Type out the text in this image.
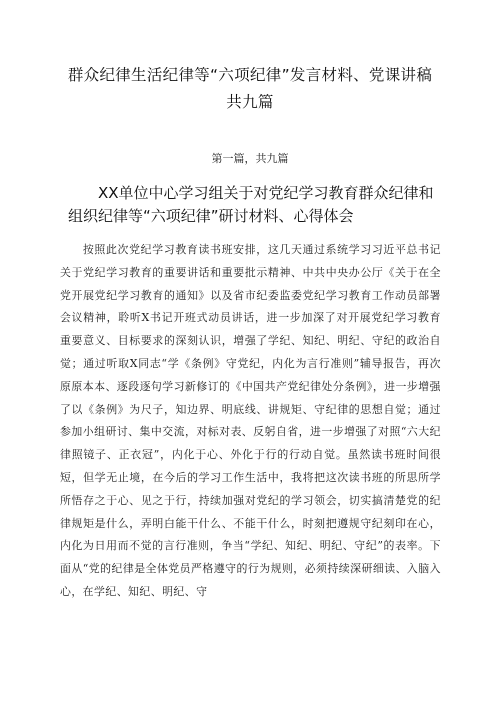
群众纪律生活纪律等“六项纪律”发言材料、党课讲稿共九篇
第一篇，共九篇
XX单位中心学习组关于对党纪学习教育群众纪律和
组织纪律等“六项纪律”研讨材料、心得体会

按照此次党纪学习教育读书班安排，这几天通过系统学习习近平总书记关于党纪学习教育的重要讲话和重要批示精神、中共中央办公厅《关于在全党开展党纪学习教育的通知》以及省市纪委监委党纪学习教育工作动员部署会议精神，聆听X书记开班式动员讲话，进一步加深了对开展党纪学习教育重要意义、目标要求的深刻认识，增强了学纪、知纪、明纪、守纪的政治自觉；通过听取X同志“学《条例》守党纪，内化为言行准则”辅导报告，再次原原本本、逐段逐句学习新修订的《中国共产党纪律处分条例》，进一步增强了以《条例》为尺子，知边界、明底线、讲规矩、守纪律的思想自觉；通过参加小组研讨、集中交流，对标对表、反躬自省，进一步增强了对照“六大纪律照镜子、正衣冠”，内化于心、外化于行的行动自觉。虽然读书班时间很短，但学无止境，在今后的学习工作生活中，我将把这次读书班的所思所学所悟存之于心、见之于行，持续加强对党纪的学习领会，切实搞清楚党的纪律规矩是什么，弄明白能干什么、不能干什么，时刻把遵规守纪刻印在心，内化为日用而不觉的言行准则，争当“学纪、知纪、明纪、守纪”的表率。下面从“党的纪律是全体党员严格遵守的行为规则，必须持续深研细读、入脑入心，在学纪、知纪、明纪、守
